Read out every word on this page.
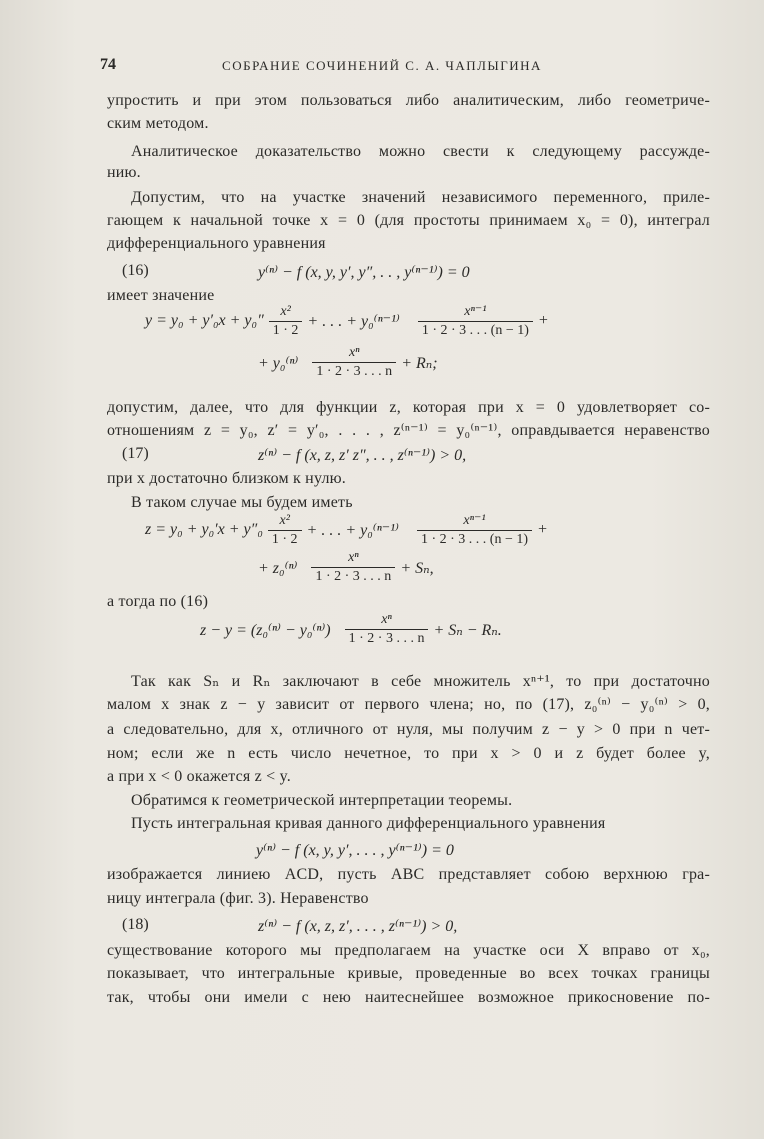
74	СОБРАНИЕ СОЧИНЕНИЙ С. А. ЧАПЛЫГИНА
упростить и при этом пользоваться либо аналитическим, либо геометриче-
ским методом.
Аналитическое доказательство можно свести к следующему рассужде-
нию.
Допустим, что на участке значений независимого переменного, приле-
гающем к начальной точке x = 0 (для простоты принимаем x₀ = 0), интеграл
дифференциального уравнения
(16)	y⁽ⁿ⁾ − f (x, y, y′, y″, . . , y⁽ⁿ⁻¹⁾) = 0
имеет значение
$y = y_0 + y'_0x + y_0'' \frac{\text{x²}}{1 \cdot 2}$ + . . . + $y_0^{(n-1)} \frac{\text{xⁿ⁻¹}}{1 \cdot 2 \cdot 3 . . . (n - 1)}$ +
+ $y_0^{(n)} \frac{\text{xⁿ}}{1 \cdot 2 \cdot 3 . . . n} + R_n$;
допустим, далее, что для функции z, которая при x = 0 удовлетворяет со-
отношениям z = y₀, z′ = y′₀, . . . , z⁽ⁿ⁻¹⁾ = y₀⁽ⁿ⁻¹⁾, оправдывается неравенство
(17)	z⁽ⁿ⁾ − f (x, z, z′ z″, . . , z⁽ⁿ⁻¹⁾) > 0,
при x достаточно близком к нулю.
В таком случае мы будем иметь
$z = y_0 + y_0'x + y''_0 \frac{\text{x²}}{1 \cdot 2}$ + . . . + $y_0^{(n-1)} \frac{\text{xⁿ⁻¹}}{1 \cdot 2 \cdot 3 . . . (n - 1)}$ +
+ $z_0^{(n)} \frac{\text{xⁿ}}{1 \cdot 2 \cdot 3 . . . n} + S_n$,
а тогда по (16)
$z - y = (z_0^{(n)} - y_0^{(n)}) \frac{\text{xⁿ}}{1 \cdot 2 \cdot 3 . . . n} + S_n - R_n$.
Так как Sₙ и Rₙ заключают в себе множитель xⁿ⁺¹, то при достаточно
малом x знак z − y зависит от первого члена; но, по (17), z₀⁽ⁿ⁾ − y₀⁽ⁿ⁾ > 0,
а следовательно, для x, отличного от нуля, мы получим z − y > 0 при n чет-
ном; если же n есть число нечетное, то при x > 0 и z будет более y,
а при x < 0 окажется z < y.
Обратимся к геометрической интерпретации теоремы.
Пусть интегральная кривая данного дифференциального уравнения
y⁽ⁿ⁾ − f (x, y, y′, . . . , y⁽ⁿ⁻¹⁾) = 0
изображается линиею ACD, пусть ABC представляет собою верхнюю гра-
ницу интеграла (фиг. 3). Неравенство
(18)	z⁽ⁿ⁾ − f (x, z, z′, . . . , z⁽ⁿ⁻¹⁾) > 0,
существование которого мы предполагаем на участке оси X вправо от x₀,
показывает, что интегральные кривые, проведенные во всех точках границы
так, чтобы они имели с нею наитеснейшее возможное прикосновение по-
